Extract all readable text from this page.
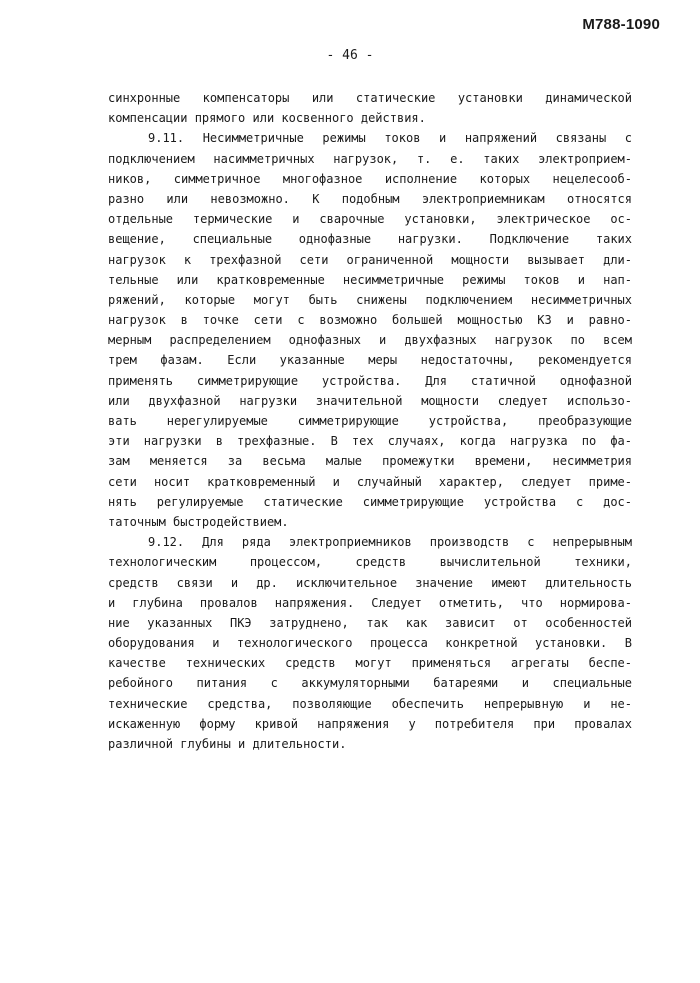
M788-1090
- 46 -
синхронные компенсаторы или статические установки динамической
компенсации прямого или косвенного действия.
9.11. Несимметричные режимы токов и напряжений связаны с
подключением насимметричных нагрузок, т. е. таких электроприем-
ников, симметричное многофазное исполнение которых нецелесооб-
разно или невозможно. К подобным электроприемникам относятся
отдельные термические и сварочные установки, электрическое ос-
вещение, специальные однофазные нагрузки. Подключение таких
нагрузок к трехфазной сети ограниченной мощности вызывает дли-
тельные или кратковременные несимметричные режимы токов и нап-
ряжений, которые могут быть снижены подключением несимметричных
нагрузок в точке сети с возможно большей мощностью КЗ и равно-
мерным распределением однофазных и двухфазных нагрузок по всем
трем фазам. Если указанные меры недостаточны, рекомендуется
применять симметрирующие устройства. Для статичной однофазной
или двухфазной нагрузки значительной мощности следует использо-
вать нерегулируемые симметрирующие устройства, преобразующие
эти нагрузки в трехфазные. В тех случаях, когда нагрузка по фа-
зам меняется за весьма малые промежутки времени, несимметрия
сети носит кратковременный и случайный характер, следует приме-
нять регулируемые статические симметрирующие устройства с дос-
таточным быстродействием.
9.12. Для ряда электроприемников производств с непрерывным
технологическим процессом, средств вычислительной техники,
средств связи и др. исключительное значение имеют длительность
и глубина провалов напряжения. Следует отметить, что нормирова-
ние указанных ПКЭ затруднено, так как зависит от особенностей
оборудования и технологического процесса конкретной установки. В
качестве технических средств могут применяться агрегаты беспе-
ребойного питания с аккумуляторными батареями и специальные
технические средства, позволяющие обеспечить непрерывную и не-
искаженную форму кривой напряжения у потребителя при провалах
различной глубины и длительности.
